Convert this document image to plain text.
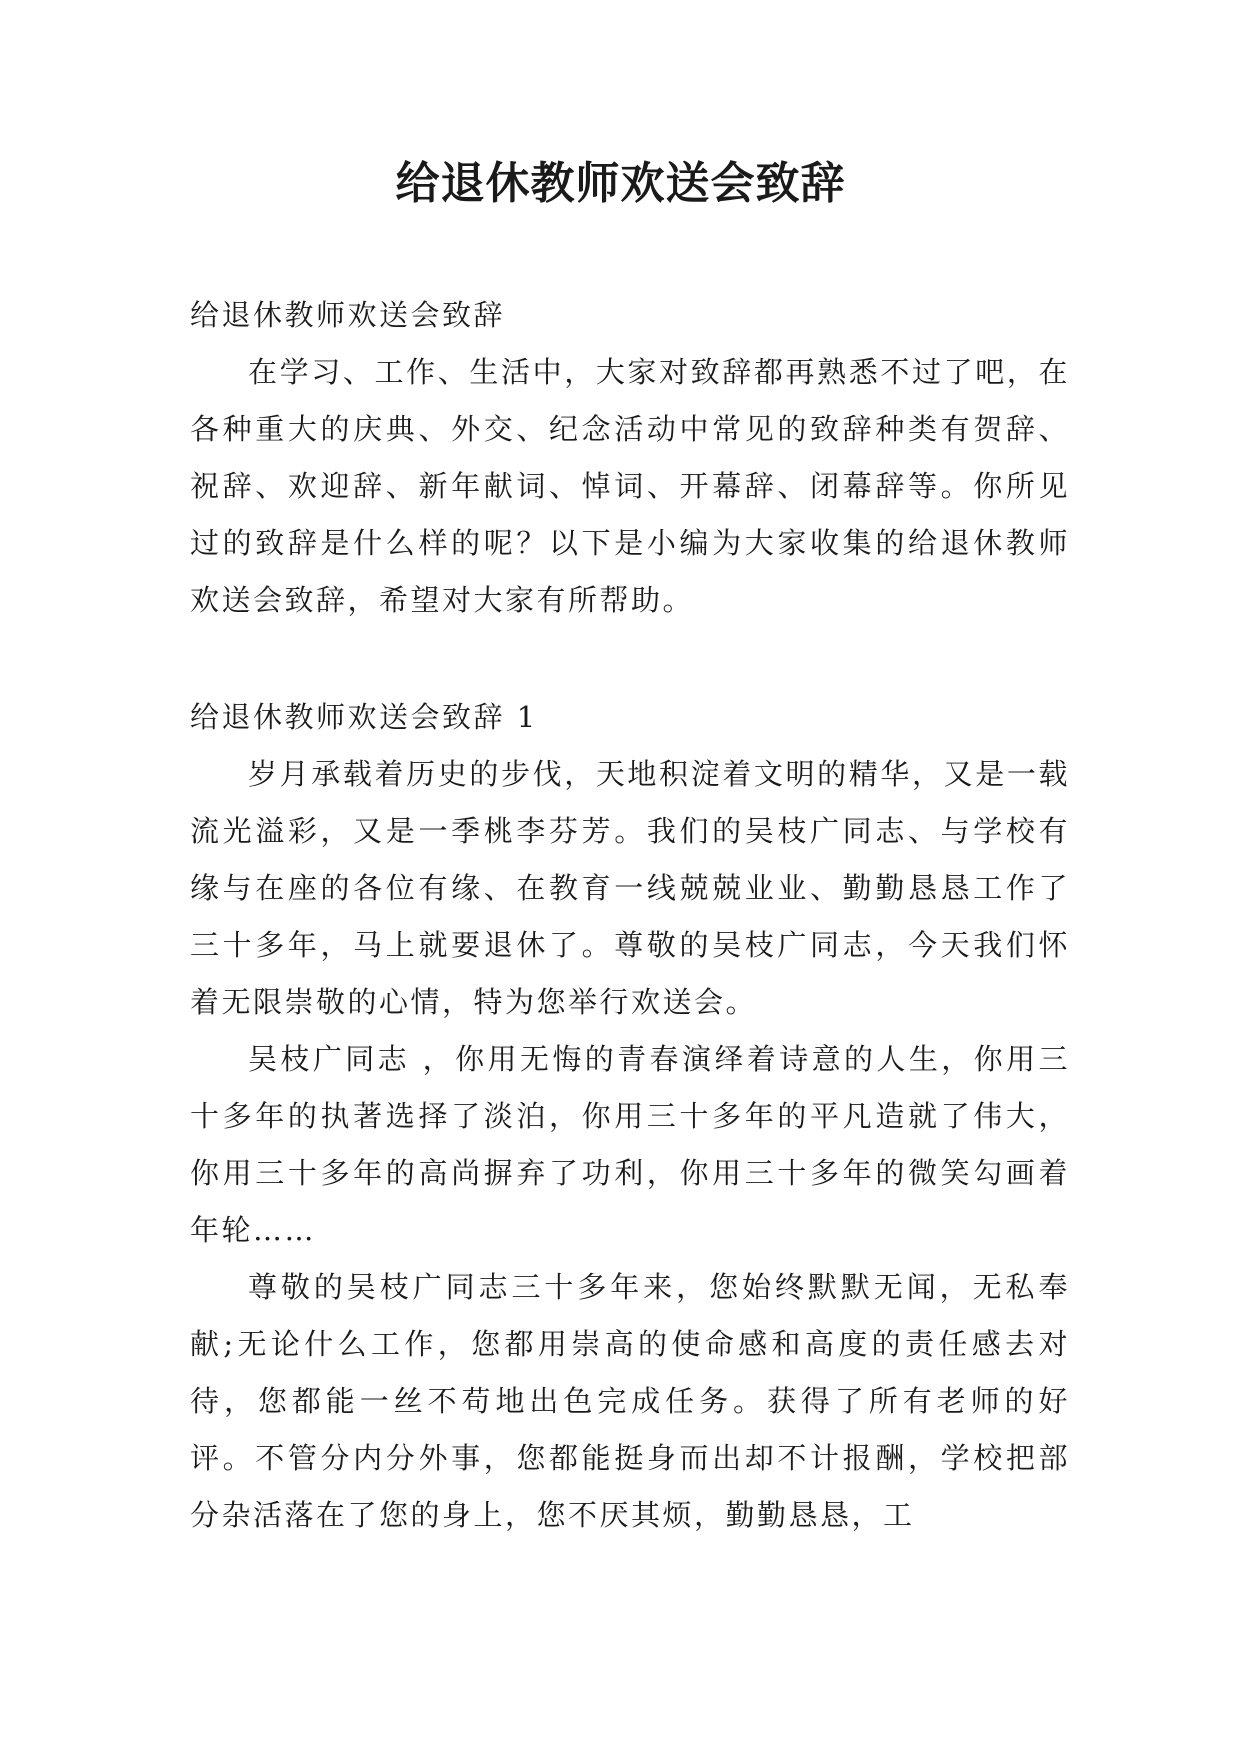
给退休教师欢送会致辞

给退休教师欢送会致辞

在学习、工作、生活中，大家对致辞都再熟悉不过了吧，在各种重大的庆典、外交、纪念活动中常见的致辞种类有贺辞、祝辞、欢迎辞、新年献词、悼词、开幕辞、闭幕辞等。你所见过的致辞是什么样的呢？以下是小编为大家收集的给退休教师欢送会致辞，希望对大家有所帮助。

给退休教师欢送会致辞 1

岁月承载着历史的步伐，天地积淀着文明的精华，又是一载流光溢彩，又是一季桃李芬芳。我们的吴枝广同志、与学校有缘与在座的各位有缘、在教育一线兢兢业业、勤勤恳恳工作了三十多年，马上就要退休了。尊敬的吴枝广同志，今天我们怀着无限崇敬的心情，特为您举行欢送会。

吴枝广同志 ，你用无悔的青春演绎着诗意的人生，你用三十多年的执著选择了淡泊，你用三十多年的平凡造就了伟大，你用三十多年的高尚摒弃了功利，你用三十多年的微笑勾画着年轮……

尊敬的吴枝广同志三十多年来，您始终默默无闻，无私奉献;无论什么工作，您都用崇高的使命感和高度的责任感去对待，您都能一丝不苟地出色完成任务。获得了所有老师的好评。不管分内分外事，您都能挺身而出却不计报酬，学校把部分杂活落在了您的身上，您不厌其烦，勤勤恳恳，工
